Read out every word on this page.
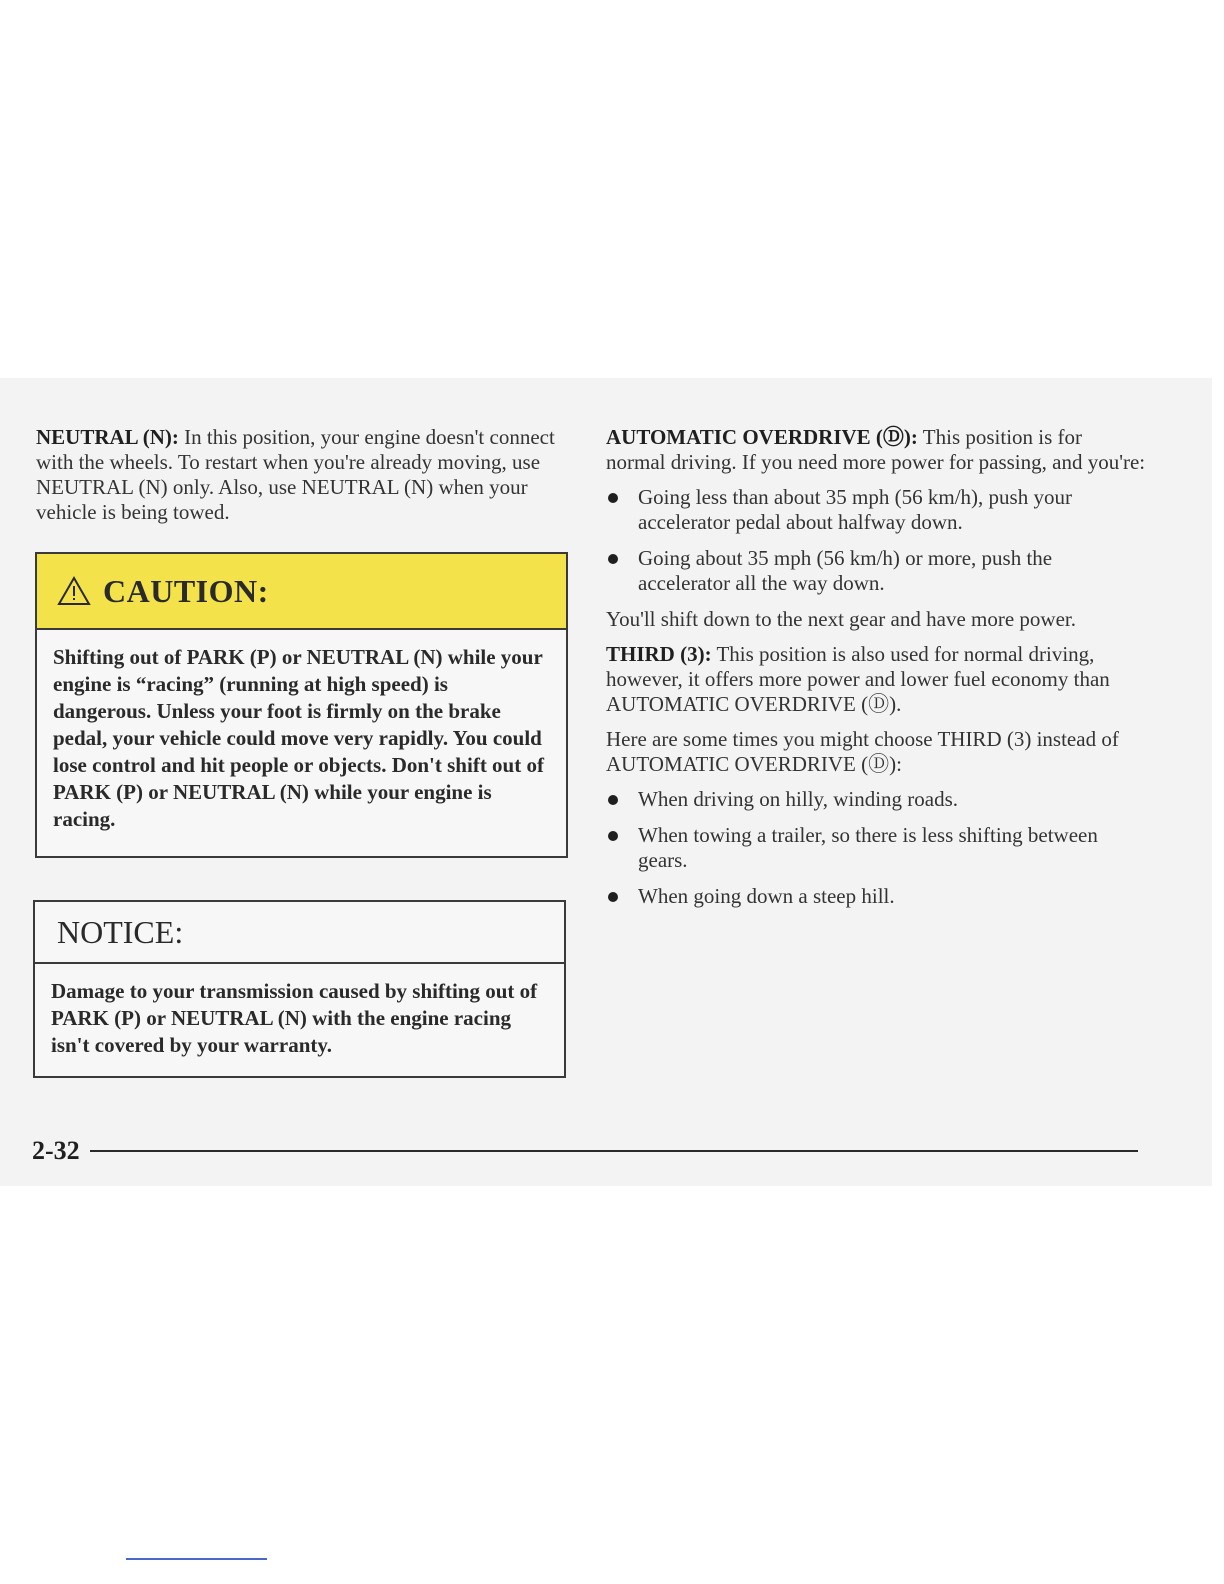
NEUTRAL (N): In this position, your engine doesn't connect with the wheels. To restart when you're already moving, use NEUTRAL (N) only. Also, use NEUTRAL (N) when your vehicle is being towed.

CAUTION:
Shifting out of PARK (P) or NEUTRAL (N) while your engine is “racing” (running at high speed) is dangerous. Unless your foot is firmly on the brake pedal, your vehicle could move very rapidly. You could lose control and hit people or objects. Don't shift out of PARK (P) or NEUTRAL (N) while your engine is racing.
NOTICE:
Damage to your transmission caused by shifting out of PARK (P) or NEUTRAL (N) with the engine racing isn't covered by your warranty.

AUTOMATIC OVERDRIVE (Ⓓ): This position is for normal driving. If you need more power for passing, and you're:

Going less than about 35 mph (56 km/h), push your accelerator pedal about halfway down.
Going about 35 mph (56 km/h) or more, push the accelerator all the way down.

You'll shift down to the next gear and have more power.

THIRD (3): This position is also used for normal driving, however, it offers more power and lower fuel economy than AUTOMATIC OVERDRIVE (Ⓓ).

Here are some times you might choose THIRD (3) instead of AUTOMATIC OVERDRIVE (Ⓓ):

When driving on hilly, winding roads.
When towing a trailer, so there is less shifting between gears.
When going down a steep hill.
2-32
